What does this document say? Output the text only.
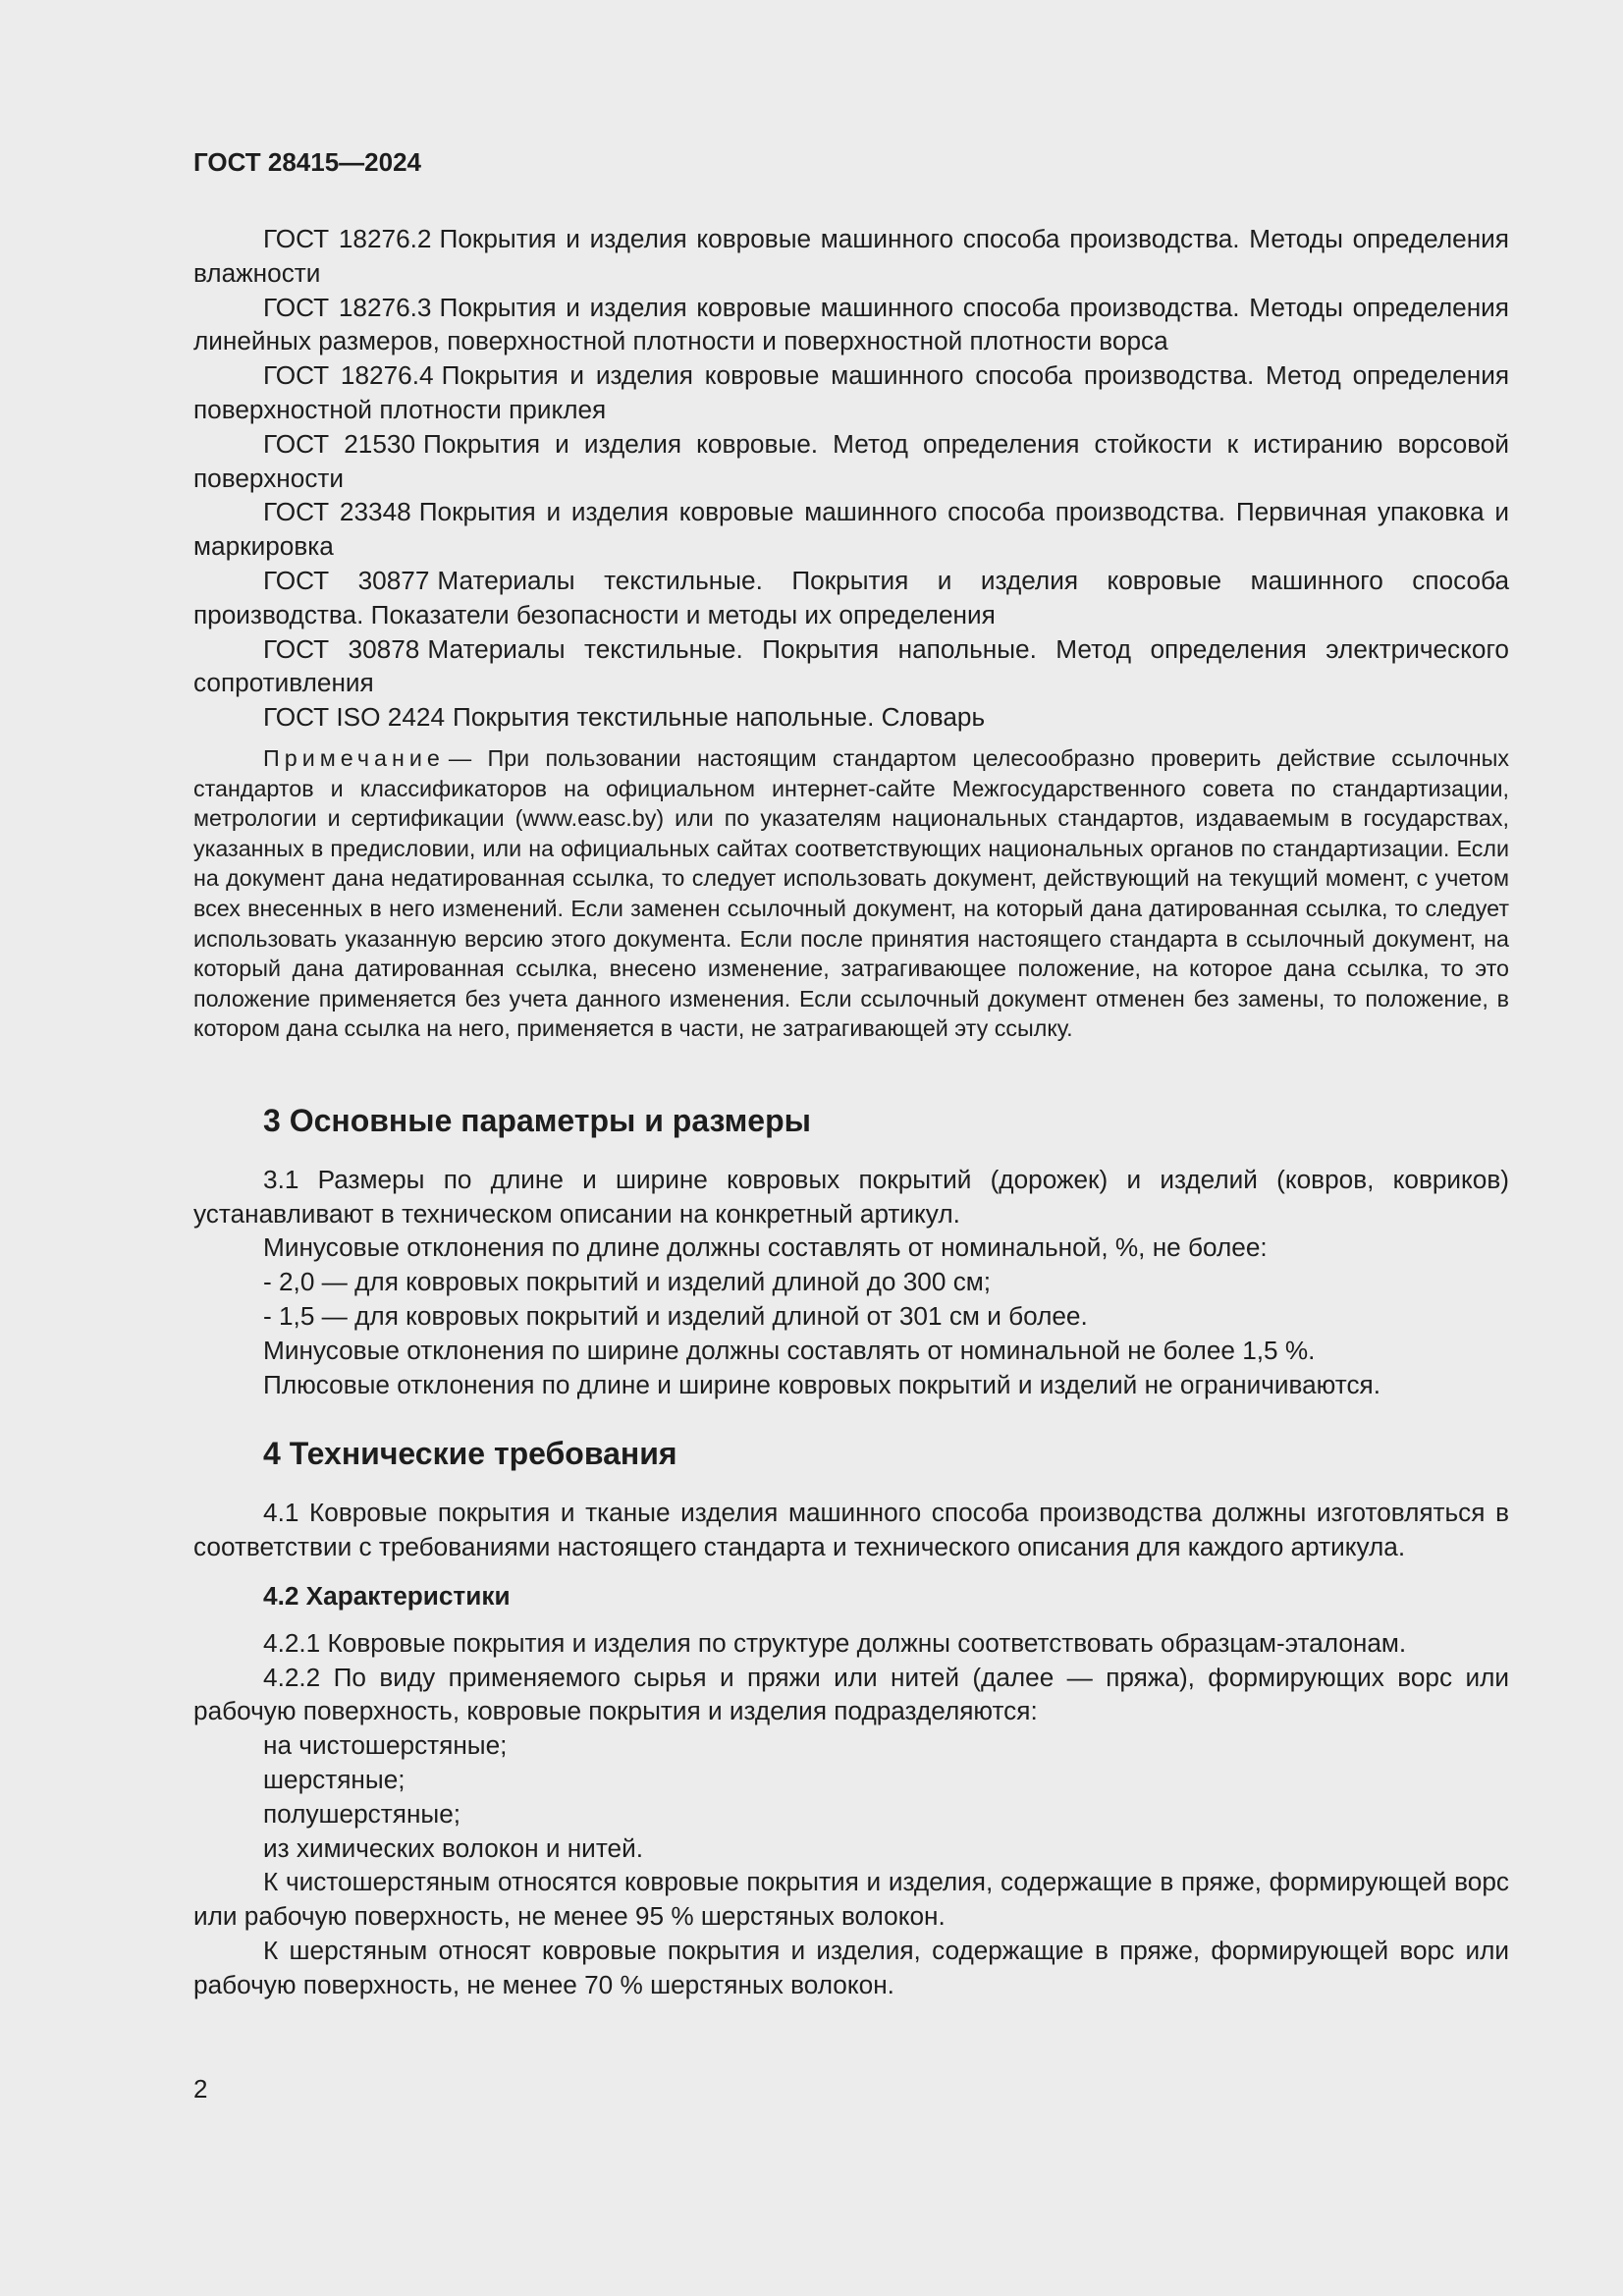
ГОСТ 28415—2024

ГОСТ 18276.2 Покрытия и изделия ковровые машинного способа производства. Методы определения влажности

ГОСТ 18276.3 Покрытия и изделия ковровые машинного способа производства. Методы определения линейных размеров, поверхностной плотности и поверхностной плотности ворса

ГОСТ 18276.4 Покрытия и изделия ковровые машинного способа производства. Метод определения поверхностной плотности приклея

ГОСТ 21530 Покрытия и изделия ковровые. Метод определения стойкости к истиранию ворсовой поверхности

ГОСТ 23348 Покрытия и изделия ковровые машинного способа производства. Первичная упаковка и маркировка

ГОСТ 30877 Материалы текстильные. Покрытия и изделия ковровые машинного способа производства. Показатели безопасности и методы их определения

ГОСТ 30878 Материалы текстильные. Покрытия напольные. Метод определения электрического сопротивления

ГОСТ ISO 2424 Покрытия текстильные напольные. Словарь

Примечание — При пользовании настоящим стандартом целесообразно проверить действие ссылочных стандартов и классификаторов на официальном интернет-сайте Межгосударственного совета по стандартизации, метрологии и сертификации (www.easc.by) или по указателям национальных стандартов, издаваемым в государствах, указанных в предисловии, или на официальных сайтах соответствующих национальных органов по стандартизации. Если на документ дана недатированная ссылка, то следует использовать документ, действующий на текущий момент, с учетом всех внесенных в него изменений. Если заменен ссылочный документ, на который дана датированная ссылка, то следует использовать указанную версию этого документа. Если после принятия настоящего стандарта в ссылочный документ, на который дана датированная ссылка, внесено изменение, затрагивающее положение, на которое дана ссылка, то это положение применяется без учета данного изменения. Если ссылочный документ отменен без замены, то положение, в котором дана ссылка на него, применяется в части, не затрагивающей эту ссылку.

3 Основные параметры и размеры

3.1 Размеры по длине и ширине ковровых покрытий (дорожек) и изделий (ковров, ковриков) устанавливают в техническом описании на конкретный артикул.

Минусовые отклонения по длине должны составлять от номинальной, %, не более:

- 2,0 — для ковровых покрытий и изделий длиной до 300 см;

- 1,5 — для ковровых покрытий и изделий длиной от 301 см и более.

Минусовые отклонения по ширине должны составлять от номинальной не более 1,5 %.

Плюсовые отклонения по длине и ширине ковровых покрытий и изделий не ограничиваются.

4 Технические требования

4.1 Ковровые покрытия и тканые изделия машинного способа производства должны изготовляться в соответствии с требованиями настоящего стандарта и технического описания для каждого артикула.

4.2 Характеристики

4.2.1 Ковровые покрытия и изделия по структуре должны соответствовать образцам-эталонам.

4.2.2 По виду применяемого сырья и пряжи или нитей (далее — пряжа), формирующих ворс или рабочую поверхность, ковровые покрытия и изделия подразделяются:

на чистошерстяные;

шерстяные;

полушерстяные;

из химических волокон и нитей.

К чистошерстяным относятся ковровые покрытия и изделия, содержащие в пряже, формирующей ворс или рабочую поверхность, не менее 95 % шерстяных волокон.

К шерстяным относят ковровые покрытия и изделия, содержащие в пряже, формирующей ворс или рабочую поверхность, не менее 70 % шерстяных волокон.

2
